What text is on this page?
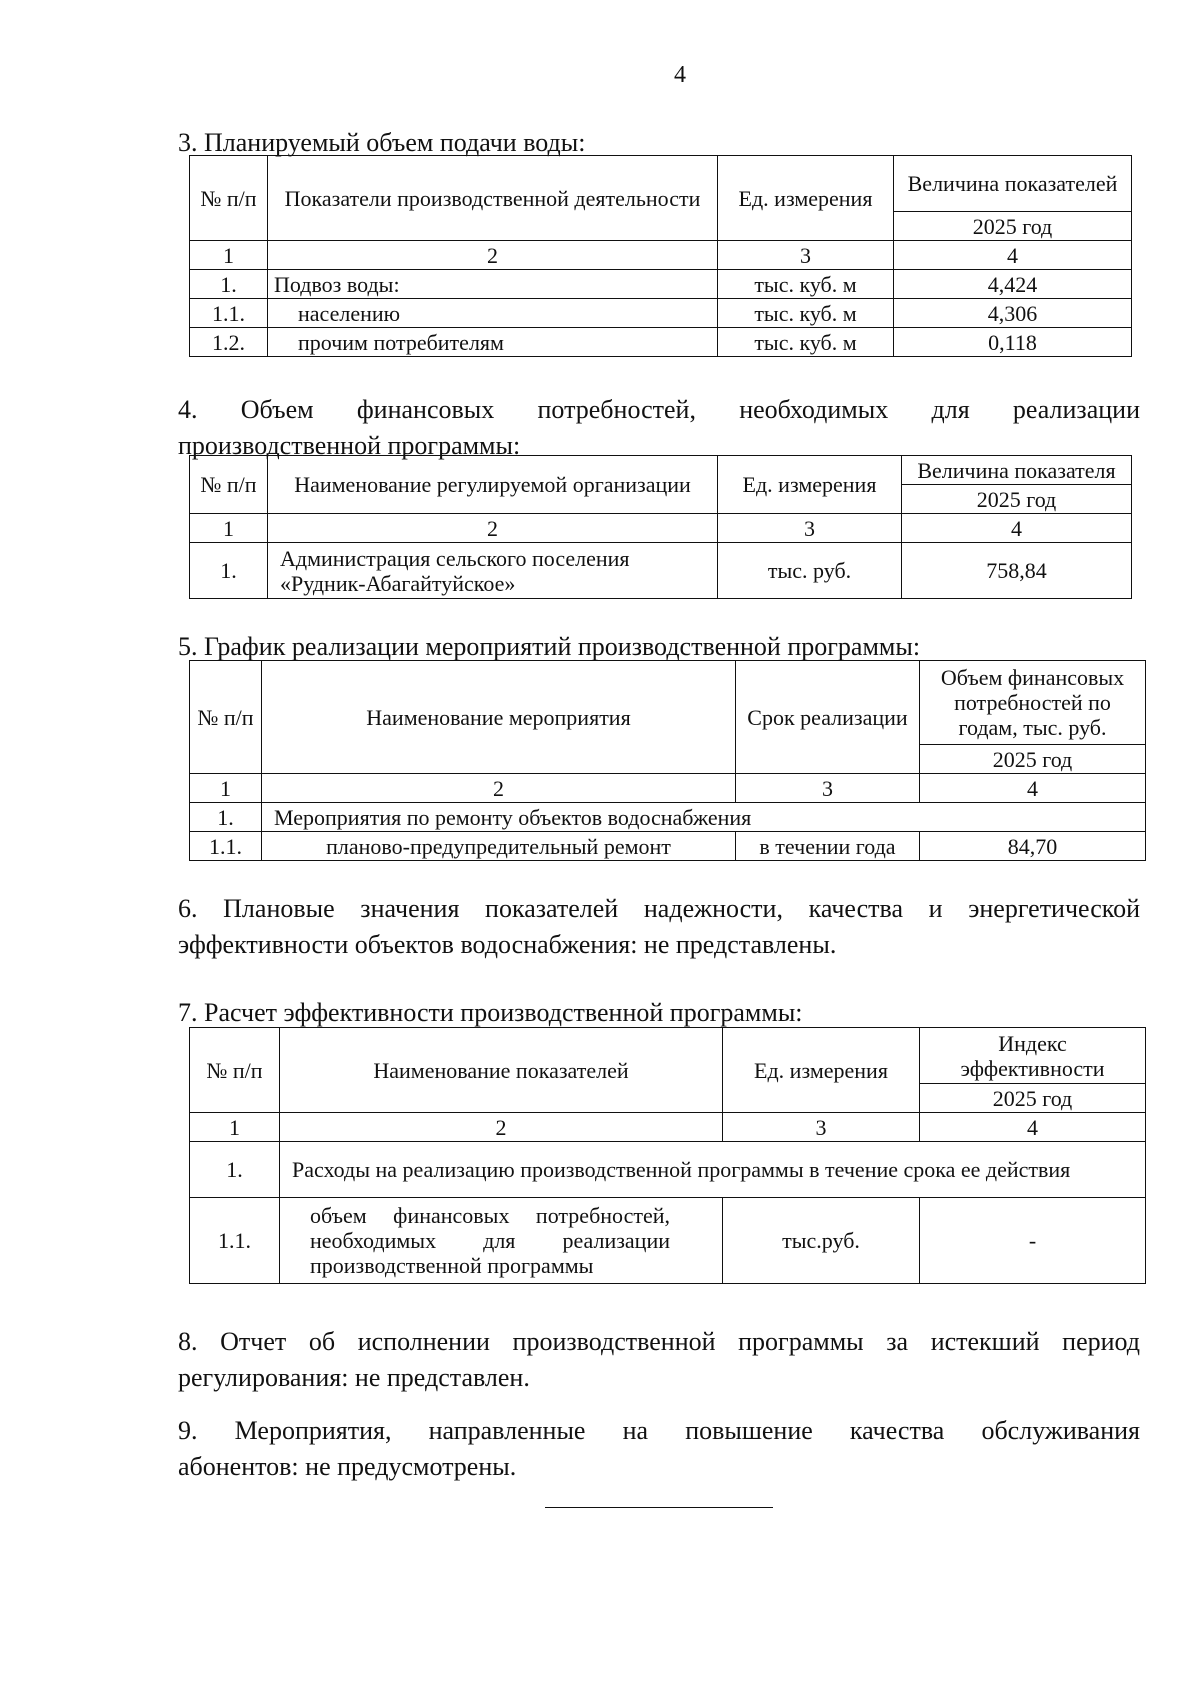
4
3. Планируемый объем подачи воды:
№ п/п	Показатели производственной деятельности	Ед. измерения	Величина показателей
			2025 год
1	2	3	4
1.	Подвоз воды:	тыс. куб. м	4,424
1.1.	населению	тыс. куб. м	4,306
1.2.	прочим потребителям	тыс. куб. м	0,118
4. Объем финансовых потребностей, необходимых для реализации
производственной программы:
№ п/п	Наименование регулируемой организации	Ед. измерения	Величина показателя
			2025 год
1	2	3	4
1.	Администрация сельского поселения «Рудник-Абагайтуйское»	тыс. руб.	758,84
5. График реализации мероприятий производственной программы:
№ п/п	Наименование мероприятия	Срок реализации	Объем финансовых потребностей по годам, тыс. руб.
			2025 год
1	2	3	4
1.	Мероприятия по ремонту объектов водоснабжения		
1.1.	планово-предупредительный ремонт	в течении года	84,70
6. Плановые значения показателей надежности, качества и энергетической эффективности объектов водоснабжения: не представлены.
7. Расчет эффективности производственной программы:
№ п/п	Наименование показателей	Ед. измерения	Индекс эффективности
			2025 год
1	2	3	4
1.	Расходы на реализацию производственной программы в течение срока ее действия		
1.1.	объем финансовых потребностей, необходимых для реализации производственной программы	тыс.руб.	-
8. Отчет об исполнении производственной программы за истекший период регулирования: не представлен.
9. Мероприятия, направленные на повышение качества обслуживания
абонентов: не предусмотрены.
